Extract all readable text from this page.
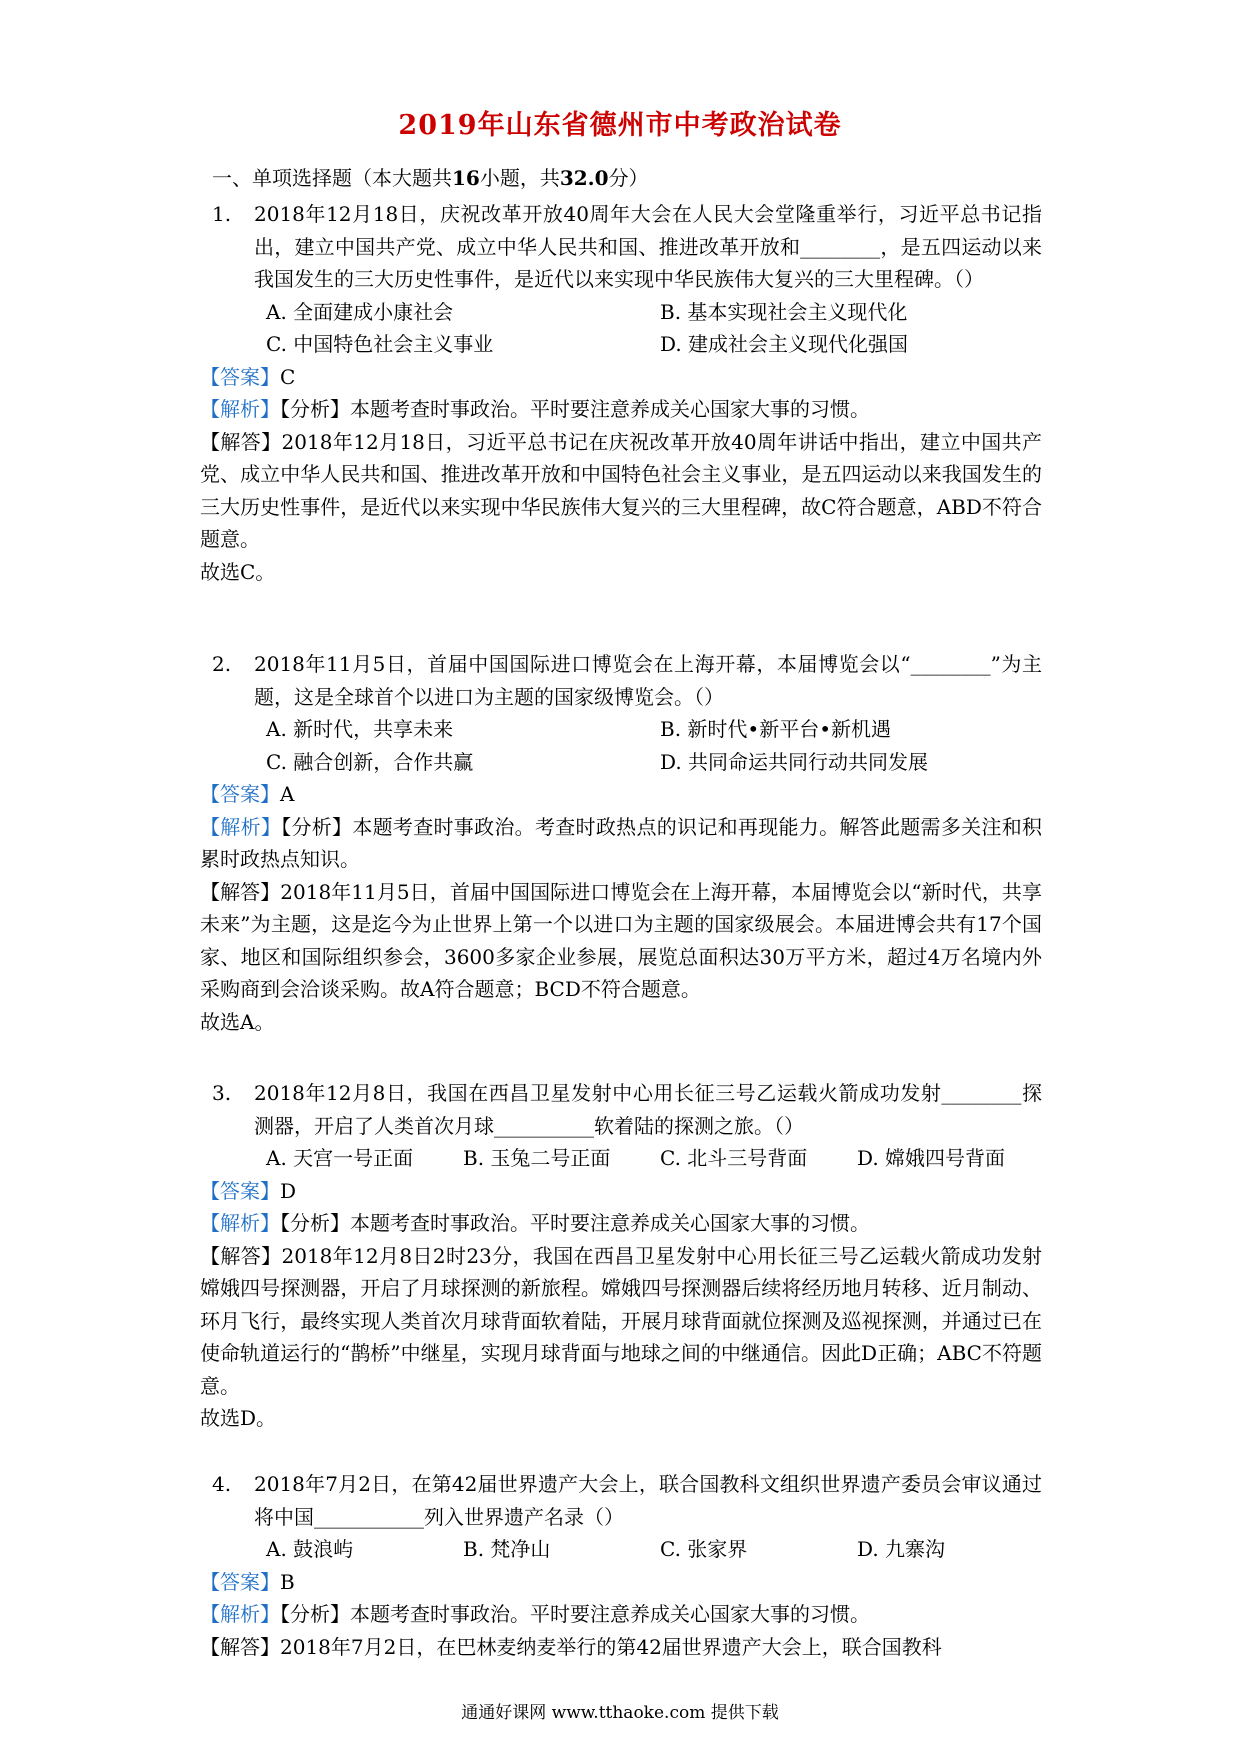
2019年山东省德州市中考政治试卷
一、单项选择题（本大题共16小题，共32.0分）
1.	2018年12月18日，庆祝改革开放40周年大会在人民大会堂隆重举行，习近平总书记指出，建立中国共产党、成立中华人民共和国、推进改革开放和________，是五四运动以来我国发生的三大历史性事件，是近代以来实现中华民族伟大复兴的三大里程碑。（）
A. 全面建成小康社会	B. 基本实现社会主义现代化
C. 中国特色社会主义事业	D. 建成社会主义现代化强国
【答案】C
【解析】【分析】本题考查时事政治。平时要注意养成关心国家大事的习惯。
【解答】2018年12月18日，习近平总书记在庆祝改革开放40周年讲话中指出，建立中国共产党、成立中华人民共和国、推进改革开放和中国特色社会主义事业，是五四运动以来我国发生的三大历史性事件，是近代以来实现中华民族伟大复兴的三大里程碑，故C符合题意，ABD不符合题意。
故选C。
2.	2018年11月5日，首届中国国际进口博览会在上海开幕，本届博览会以“________”为主题，这是全球首个以进口为主题的国家级博览会。（）
A. 新时代，共享未来	B. 新时代•新平台•新机遇
C. 融合创新，合作共赢	D. 共同命运共同行动共同发展
【答案】A
【解析】【分析】本题考查时事政治。考查时政热点的识记和再现能力。解答此题需多关注和积累时政热点知识。
【解答】2018年11月5日，首届中国国际进口博览会在上海开幕，本届博览会以“新时代，共享未来”为主题，这是迄今为止世界上第一个以进口为主题的国家级展会。本届进博会共有17个国家、地区和国际组织参会，3600多家企业参展，展览总面积达30万平方米，超过4万名境内外采购商到会洽谈采购。故A符合题意；BCD不符合题意。
故选A。
3.	2018年12月8日，我国在西昌卫星发射中心用长征三号乙运载火箭成功发射________探测器，开启了人类首次月球__________软着陆的探测之旅。（）
A. 天宫一号正面	B. 玉兔二号正面	C. 北斗三号背面	D. 嫦娥四号背面
【答案】D
【解析】【分析】本题考查时事政治。平时要注意养成关心国家大事的习惯。
【解答】2018年12月8日2时23分，我国在西昌卫星发射中心用长征三号乙运载火箭成功发射嫦娥四号探测器，开启了月球探测的新旅程。嫦娥四号探测器后续将经历地月转移、近月制动、环月飞行，最终实现人类首次月球背面软着陆，开展月球背面就位探测及巡视探测，并通过已在使命轨道运行的“鹊桥”中继星，实现月球背面与地球之间的中继通信。因此D正确；ABC不符题意。
故选D。
4.	2018年7月2日，在第42届世界遗产大会上，联合国教科文组织世界遗产委员会审议通过将中国___________列入世界遗产名录（）
A. 鼓浪屿	B. 梵净山	C. 张家界	D. 九寨沟
【答案】B
【解析】【分析】本题考查时事政治。平时要注意养成关心国家大事的习惯。
【解答】2018年7月2日，在巴林麦纳麦举行的第42届世界遗产大会上，联合国教科
通通好课网 www.tthaoke.com 提供下载
